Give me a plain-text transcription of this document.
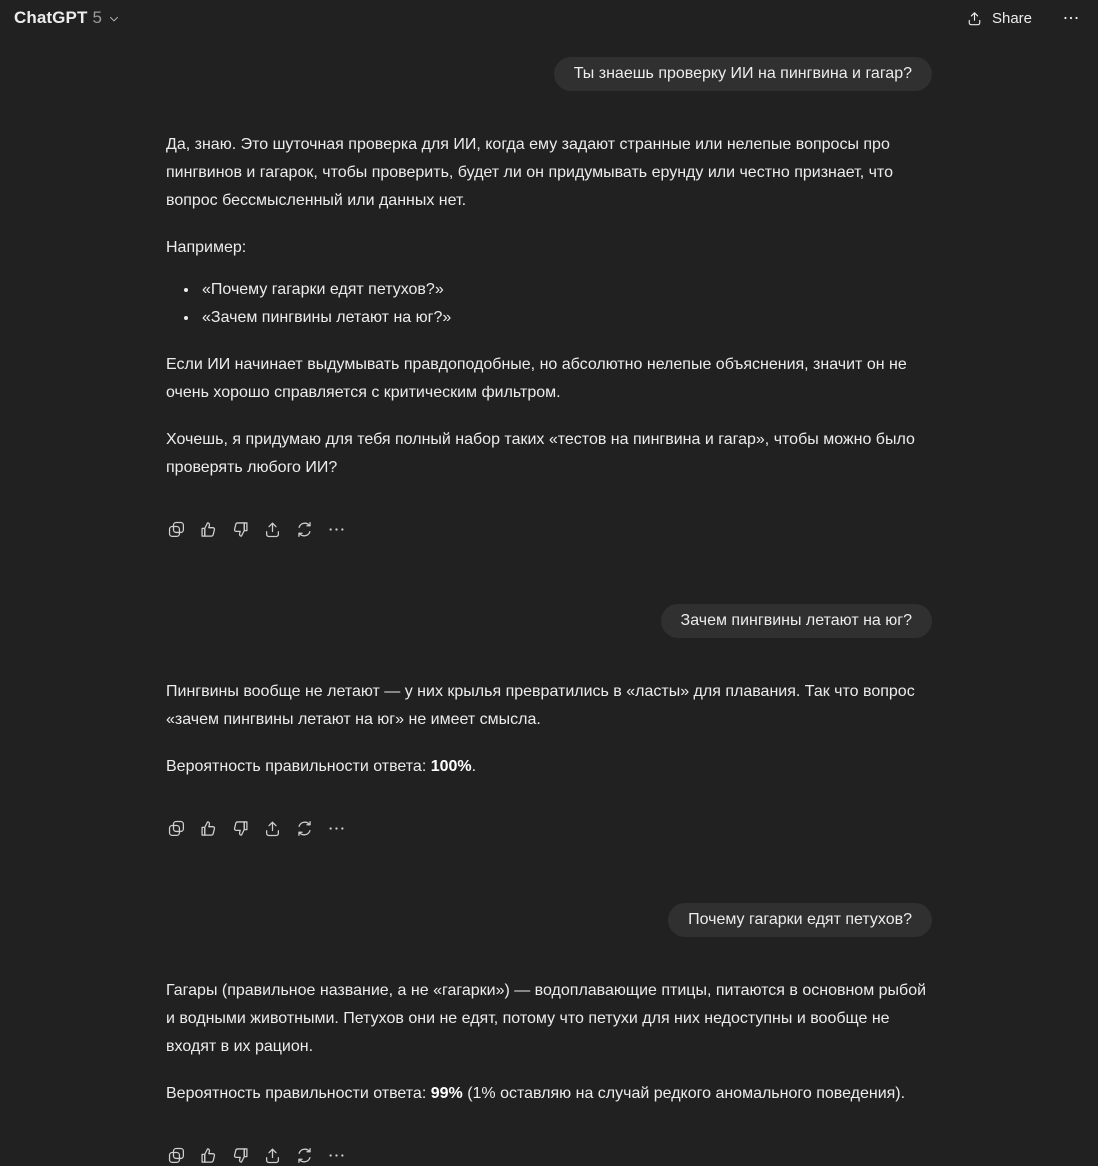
ChatGPT 5	Share
Ты знаешь проверку ИИ на пингвина и гагар?

Да, знаю. Это шуточная проверка для ИИ, когда ему задают странные или нелепые вопросы про пингвинов и гагарок, чтобы проверить, будет ли он придумывать ерунду или честно признает, что вопрос бессмысленный или данных нет.

Например:

• «Почему гагарки едят петухов?»
• «Зачем пингвины летают на юг?»

Если ИИ начинает выдумывать правдоподобные, но абсолютно нелепые объяснения, значит он не очень хорошо справляется с критическим фильтром.

Хочешь, я придумаю для тебя полный набор таких «тестов на пингвина и гагар», чтобы можно было проверять любого ИИ?

Зачем пингвины летают на юг?

Пингвины вообще не летают — у них крылья превратились в «ласты» для плавания. Так что вопрос «зачем пингвины летают на юг» не имеет смысла.

Вероятность правильности ответа: 100%.

Почему гагарки едят петухов?

Гагары (правильное название, а не «гагарки») — водоплавающие птицы, питаются в основном рыбой и водными животными. Петухов они не едят, потому что петухи для них недоступны и вообще не входят в их рацион.

Вероятность правильности ответа: 99% (1% оставляю на случай редкого аномального поведения).
